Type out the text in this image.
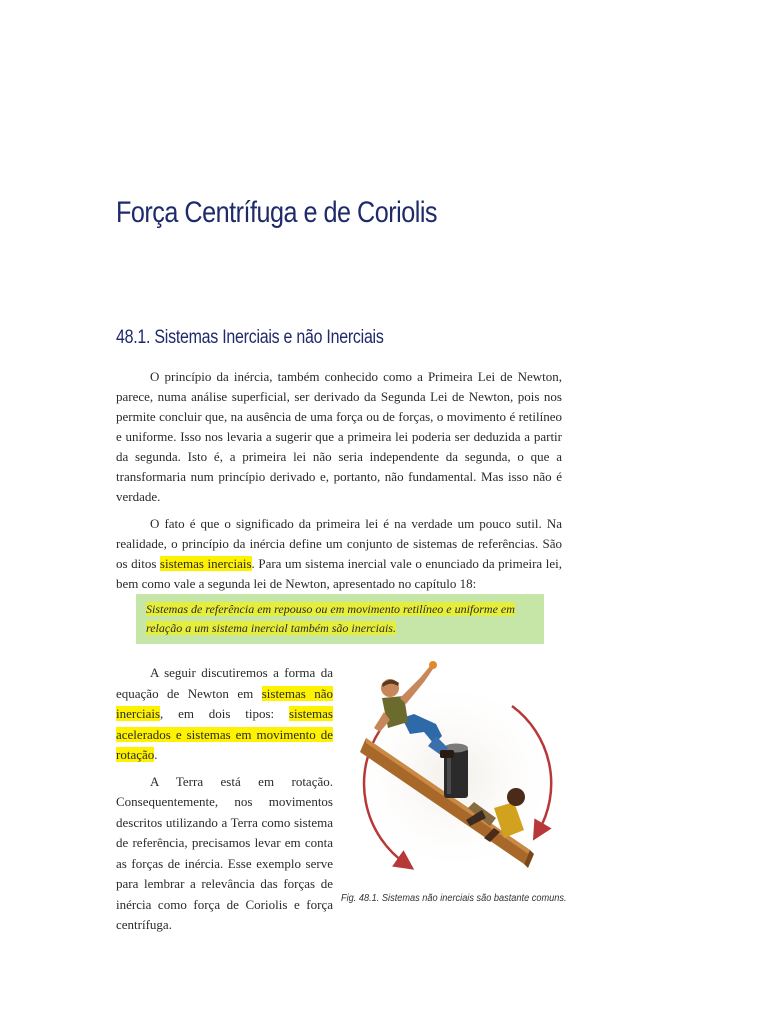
Força Centrífuga e de Coriolis
48.1. Sistemas Inerciais e não Inerciais

O princípio da inércia, também conhecido como a Primeira Lei de Newton, parece, numa análise superficial, ser derivado da Segunda Lei de Newton, pois nos permite concluir que, na ausência de uma força ou de forças, o movimento é retilíneo e uniforme. Isso nos levaria a sugerir que a primeira lei poderia ser deduzida a partir da segunda. Isto é, a primeira lei não seria independente da segunda, o que a transformaria num princípio derivado e, portanto, não fundamental. Mas isso não é verdade.

O fato é que o significado da primeira lei é na verdade um pouco sutil. Na realidade, o princípio da inércia define um conjunto de sistemas de referências. São os ditos sistemas inerciais. Para um sistema inercial vale o enunciado da primeira lei, bem como vale a segunda lei de Newton, apresentado no capítulo 18:

Sistemas de referência em repouso ou em movimento retilíneo e uniforme em relação a um sistema inercial também são inerciais.

A seguir discutiremos a forma da equação de Newton em sistemas não inerciais, em dois tipos: sistemas acelerados e sistemas em movimento de rotação.

A Terra está em rotação. Consequentemente, nos movimentos descritos utilizando a Terra como sistema de referência, precisamos levar em conta as forças de inércia. Esse exemplo serve para lembrar a relevância das forças de inércia como força de Coriolis e força centrífuga.

Fig. 48.1. Sistemas não inerciais são bastante comuns.
